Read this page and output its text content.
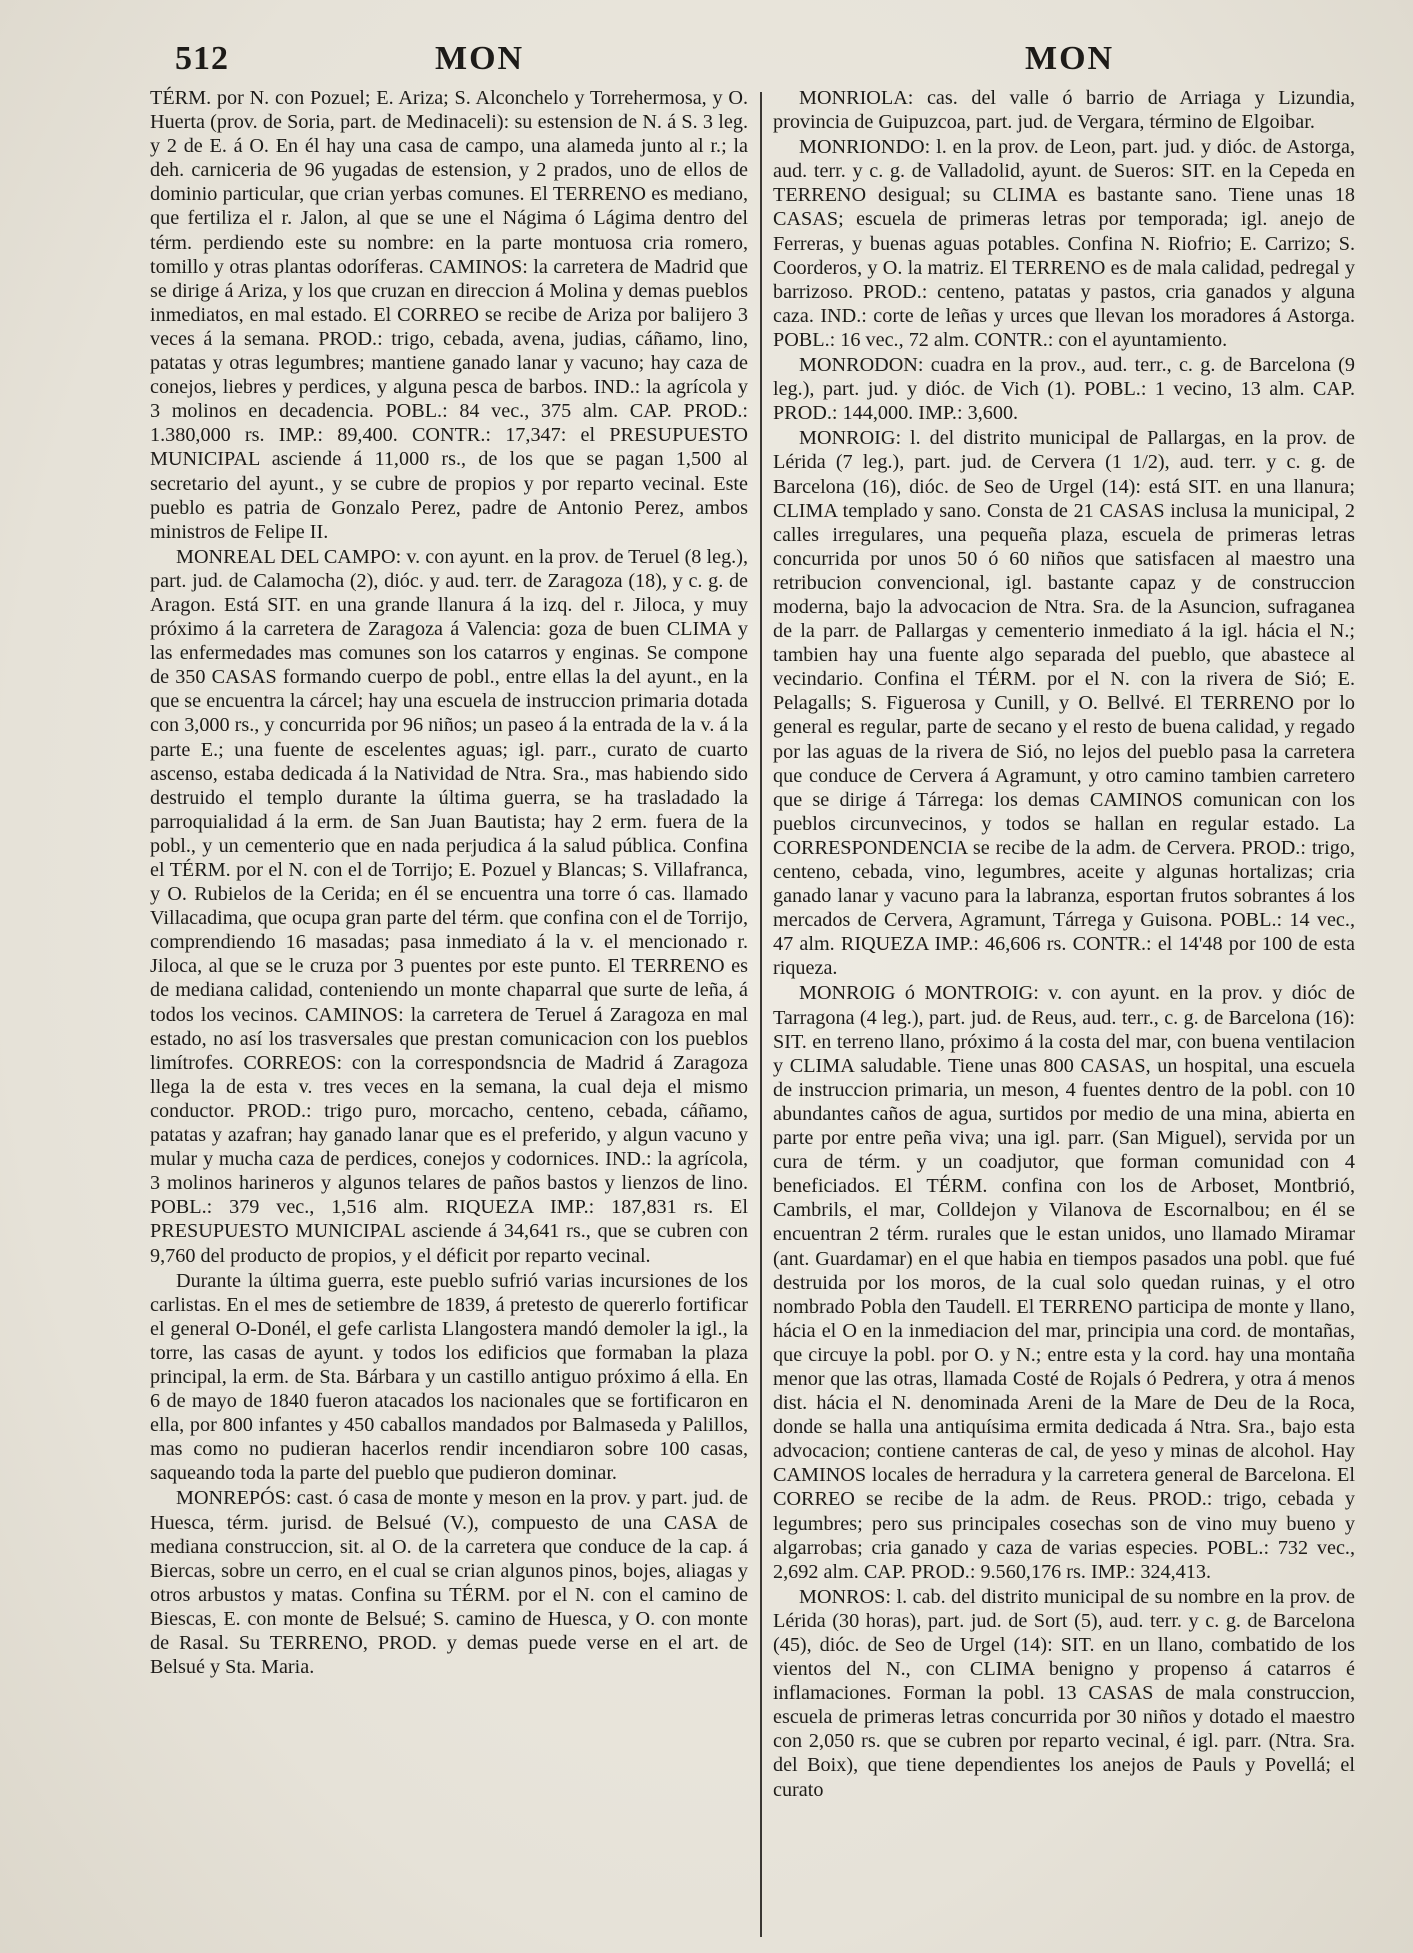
512	MON	MON

TÉRM. por N. con Pozuel; E. Ariza; S. Alconchelo y Torrehermosa, y O. Huerta (prov. de Soria, part. de Medinaceli): su estension de N. á S. 3 leg. y 2 de E. á O. En él hay una casa de campo, una alameda junto al r.; la deh. carniceria de 96 yugadas de estension, y 2 prados, uno de ellos de dominio particular, que crian yerbas comunes. El TERRENO es mediano, que fertiliza el r. Jalon, al que se une el Nágima ó Lágima dentro del térm. perdiendo este su nombre: en la parte montuosa cria romero, tomillo y otras plantas odoríferas. CAMINOS: la carretera de Madrid que se dirige á Ariza, y los que cruzan en direccion á Molina y demas pueblos inmediatos, en mal estado. El CORREO se recibe de Ariza por balijero 3 veces á la semana. PROD.: trigo, cebada, avena, judias, cáñamo, lino, patatas y otras legumbres; mantiene ganado lanar y vacuno; hay caza de conejos, liebres y perdices, y alguna pesca de barbos. IND.: la agrícola y 3 molinos en decadencia. POBL.: 84 vec., 375 alm. CAP. PROD.: 1.380,000 rs. IMP.: 89,400. CONTR.: 17,347: el PRESUPUESTO MUNICIPAL asciende á 11,000 rs., de los que se pagan 1,500 al secretario del ayunt., y se cubre de propios y por reparto vecinal. Este pueblo es patria de Gonzalo Perez, padre de Antonio Perez, ambos ministros de Felipe II.

MONREAL DEL CAMPO: v. con ayunt. en la prov. de Teruel (8 leg.), part. jud. de Calamocha (2), dióc. y aud. terr. de Zaragoza (18), y c. g. de Aragon. Está SIT. en una grande llanura á la izq. del r. Jiloca, y muy próximo á la carretera de Zaragoza á Valencia: goza de buen CLIMA y las enfermedades mas comunes son los catarros y enginas. Se compone de 350 CASAS formando cuerpo de pobl., entre ellas la del ayunt., en la que se encuentra la cárcel; hay una escuela de instruccion primaria dotada con 3,000 rs., y concurrida por 96 niños; un paseo á la entrada de la v. á la parte E.; una fuente de escelentes aguas; igl. parr., curato de cuarto ascenso, estaba dedicada á la Natividad de Ntra. Sra., mas habiendo sido destruido el templo durante la última guerra, se ha trasladado la parroquialidad á la erm. de San Juan Bautista; hay 2 erm. fuera de la pobl., y un cementerio que en nada perjudica á la salud pública. Confina el TÉRM. por el N. con el de Torrijo; E. Pozuel y Blancas; S. Villafranca, y O. Rubielos de la Cerida; en él se encuentra una torre ó cas. llamado Villacadima, que ocupa gran parte del térm. que confina con el de Torrijo, comprendiendo 16 masadas; pasa inmediato á la v. el mencionado r. Jiloca, al que se le cruza por 3 puentes por este punto. El TERRENO es de mediana calidad, conteniendo un monte chaparral que surte de leña, á todos los vecinos. CAMINOS: la carretera de Teruel á Zaragoza en mal estado, no así los trasversales que prestan comunicacion con los pueblos limítrofes. CORREOS: con la correspondsncia de Madrid á Zaragoza llega la de esta v. tres veces en la semana, la cual deja el mismo conductor. PROD.: trigo puro, morcacho, centeno, cebada, cáñamo, patatas y azafran; hay ganado lanar que es el preferido, y algun vacuno y mular y mucha caza de perdices, conejos y codornices. IND.: la agrícola, 3 molinos harineros y algunos telares de paños bastos y lienzos de lino. POBL.: 379 vec., 1,516 alm. RIQUEZA IMP.: 187,831 rs. El PRESUPUESTO MUNICIPAL asciende á 34,641 rs., que se cubren con 9,760 del producto de propios, y el déficit por reparto vecinal.

Durante la última guerra, este pueblo sufrió varias incursiones de los carlistas. En el mes de setiembre de 1839, á pretesto de quererlo fortificar el general O-Donél, el gefe carlista Llangostera mandó demoler la igl., la torre, las casas de ayunt. y todos los edificios que formaban la plaza principal, la erm. de Sta. Bárbara y un castillo antiguo próximo á ella. En 6 de mayo de 1840 fueron atacados los nacionales que se fortificaron en ella, por 800 infantes y 450 caballos mandados por Balmaseda y Palillos, mas como no pudieran hacerlos rendir incendiaron sobre 100 casas, saqueando toda la parte del pueblo que pudieron dominar.

MONREPÓS: cast. ó casa de monte y meson en la prov. y part. jud. de Huesca, térm. jurisd. de Belsué (V.), compuesto de una CASA de mediana construccion, sit. al O. de la carretera que conduce de la cap. á Biercas, sobre un cerro, en el cual se crian algunos pinos, bojes, aliagas y otros arbustos y matas. Confina su TÉRM. por el N. con el camino de Biescas, E. con monte de Belsué; S. camino de Huesca, y O. con monte de Rasal. Su TERRENO, PROD. y demas puede verse en el art. de Belsué y Sta. Maria.

MONRIOLA: cas. del valle ó barrio de Arriaga y Lizundia, provincia de Guipuzcoa, part. jud. de Vergara, término de Elgoibar.

MONRIONDO: l. en la prov. de Leon, part. jud. y dióc. de Astorga, aud. terr. y c. g. de Valladolid, ayunt. de Sueros: SIT. en la Cepeda en TERRENO desigual; su CLIMA es bastante sano. Tiene unas 18 CASAS; escuela de primeras letras por temporada; igl. anejo de Ferreras, y buenas aguas potables. Confina N. Riofrio; E. Carrizo; S. Coorderos, y O. la matriz. El TERRENO es de mala calidad, pedregal y barrizoso. PROD.: centeno, patatas y pastos, cria ganados y alguna caza. IND.: corte de leñas y urces que llevan los moradores á Astorga. POBL.: 16 vec., 72 alm. CONTR.: con el ayuntamiento.

MONRODON: cuadra en la prov., aud. terr., c. g. de Barcelona (9 leg.), part. jud. y dióc. de Vich (1). POBL.: 1 vecino, 13 alm. CAP. PROD.: 144,000. IMP.: 3,600.

MONROIG: l. del distrito municipal de Pallargas, en la prov. de Lérida (7 leg.), part. jud. de Cervera (1 1/2), aud. terr. y c. g. de Barcelona (16), dióc. de Seo de Urgel (14): está SIT. en una llanura; CLIMA templado y sano. Consta de 21 CASAS inclusa la municipal, 2 calles irregulares, una pequeña plaza, escuela de primeras letras concurrida por unos 50 ó 60 niños que satisfacen al maestro una retribucion convencional, igl. bastante capaz y de construccion moderna, bajo la advocacion de Ntra. Sra. de la Asuncion, sufraganea de la parr. de Pallargas y cementerio inmediato á la igl. hácia el N.; tambien hay una fuente algo separada del pueblo, que abastece al vecindario. Confina el TÉRM. por el N. con la rivera de Sió; E. Pelagalls; S. Figuerosa y Cunill, y O. Bellvé. El TERRENO por lo general es regular, parte de secano y el resto de buena calidad, y regado por las aguas de la rivera de Sió, no lejos del pueblo pasa la carretera que conduce de Cervera á Agramunt, y otro camino tambien carretero que se dirige á Tárrega: los demas CAMINOS comunican con los pueblos circunvecinos, y todos se hallan en regular estado. La CORRESPONDENCIA se recibe de la adm. de Cervera. PROD.: trigo, centeno, cebada, vino, legumbres, aceite y algunas hortalizas; cria ganado lanar y vacuno para la labranza, esportan frutos sobrantes á los mercados de Cervera, Agramunt, Tárrega y Guisona. POBL.: 14 vec., 47 alm. RIQUEZA IMP.: 46,606 rs. CONTR.: el 14'48 por 100 de esta riqueza.

MONROIG ó MONTROIG: v. con ayunt. en la prov. y dióc de Tarragona (4 leg.), part. jud. de Reus, aud. terr., c. g. de Barcelona (16): SIT. en terreno llano, próximo á la costa del mar, con buena ventilacion y CLIMA saludable. Tiene unas 800 CASAS, un hospital, una escuela de instruccion primaria, un meson, 4 fuentes dentro de la pobl. con 10 abundantes caños de agua, surtidos por medio de una mina, abierta en parte por entre peña viva; una igl. parr. (San Miguel), servida por un cura de térm. y un coadjutor, que forman comunidad con 4 beneficiados. El TÉRM. confina con los de Arboset, Montbrió, Cambrils, el mar, Colldejon y Vilanova de Escornalbou; en él se encuentran 2 térm. rurales que le estan unidos, uno llamado Miramar (ant. Guardamar) en el que habia en tiempos pasados una pobl. que fué destruida por los moros, de la cual solo quedan ruinas, y el otro nombrado Pobla den Taudell. El TERRENO participa de monte y llano, hácia el O en la inmediacion del mar, principia una cord. de montañas, que circuye la pobl. por O. y N.; entre esta y la cord. hay una montaña menor que las otras, llamada Costé de Rojals ó Pedrera, y otra á menos dist. hácia el N. denominada Areni de la Mare de Deu de la Roca, donde se halla una antiquísima ermita dedicada á Ntra. Sra., bajo esta advocacion; contiene canteras de cal, de yeso y minas de alcohol. Hay CAMINOS locales de herradura y la carretera general de Barcelona. El CORREO se recibe de la adm. de Reus. PROD.: trigo, cebada y legumbres; pero sus principales cosechas son de vino muy bueno y algarrobas; cria ganado y caza de varias especies. POBL.: 732 vec., 2,692 alm. CAP. PROD.: 9.560,176 rs. IMP.: 324,413.

MONROS: l. cab. del distrito municipal de su nombre en la prov. de Lérida (30 horas), part. jud. de Sort (5), aud. terr. y c. g. de Barcelona (45), dióc. de Seo de Urgel (14): SIT. en un llano, combatido de los vientos del N., con CLIMA benigno y propenso á catarros é inflamaciones. Forman la pobl. 13 CASAS de mala construccion, escuela de primeras letras concurrida por 30 niños y dotado el maestro con 2,050 rs. que se cubren por reparto vecinal, é igl. parr. (Ntra. Sra. del Boix), que tiene dependientes los anejos de Pauls y Povellá; el curato
